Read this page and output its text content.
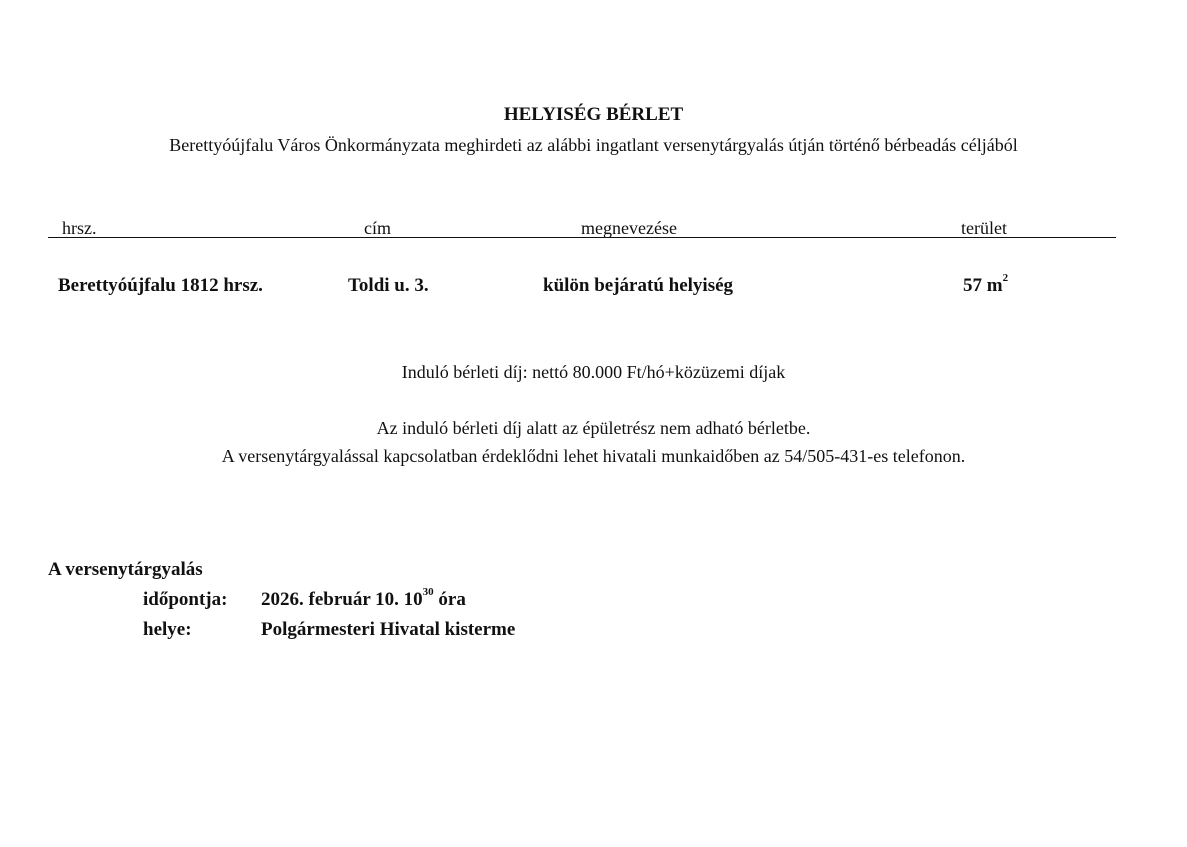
HELYISÉG BÉRLET
Berettyóújfalu Város Önkormányzata meghirdeti az alábbi ingatlant versenytárgyalás útján történő bérbeadás céljából
hrsz.	cím	megnevezése	terület
Berettyóújfalu 1812 hrsz.	Toldi u. 3.	külön bejáratú helyiség	57 $m^2$
Induló bérleti díj: nettó 80.000 Ft/hó+közüzemi díjak
Az induló bérleti díj alatt az épületrész nem adható bérletbe.
A versenytárgyalással kapcsolatban érdeklődni lehet hivatali munkaidőben az 54/505-431-es telefonon.
A versenytárgyalás
időpontja: 2026. február 10. $10^{30}$ óra
helye:	Polgármesteri Hivatal kisterme
